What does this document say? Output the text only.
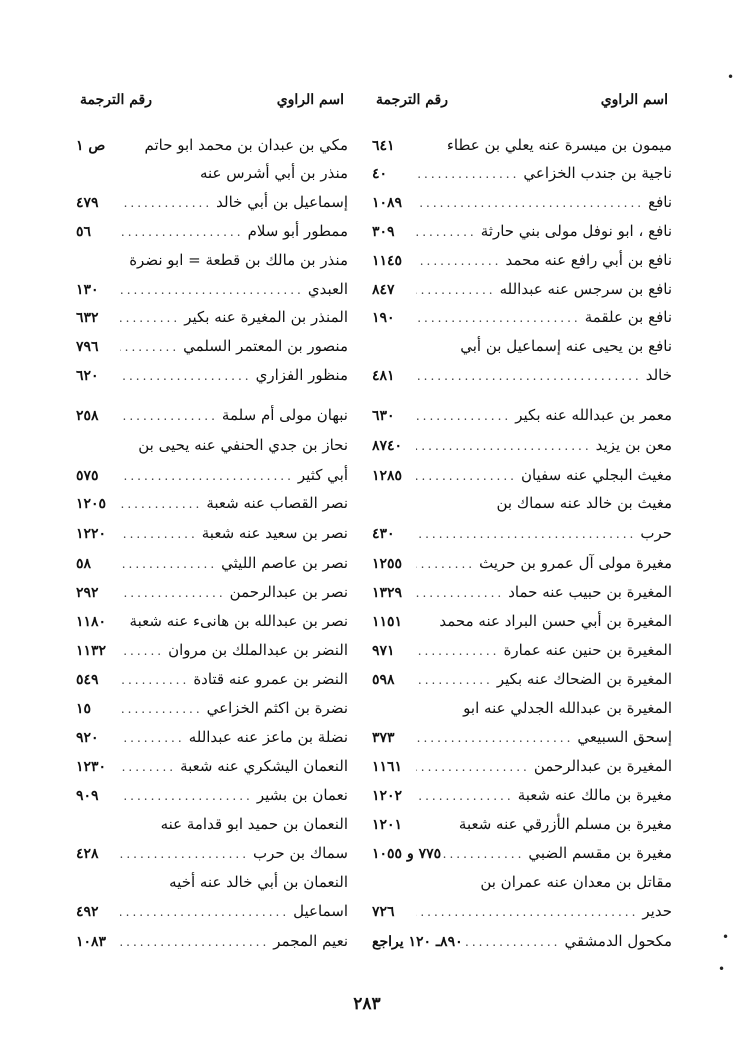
اسم الراوي
رقم الترجمة
ميمون بن ميسرة عنه يعلي بن عطاء
٦٤١
ناجية بن جندب الخزاعي
.....
٤٠
نافع
.....
١٠٨٩
نافع ، ابو نوفل مولى بني حارثة
.....
٣٠٩
نافع بن أبي رافع عنه محمد
.....
١١٤٥
نافع بن سرجس عنه عبدالله
.....
٨٤٧
نافع بن علقمة
.....
١٩٠
نافع بن يحيى عنه إسماعيل بن أبي
خالد
.....
٤٨١
معمر بن عبدالله عنه بكير
.....
٦٣٠
معن بن يزيد
.....
٨٧٤٠
مغيث البجلي عنه سفيان
.....
١٢٨٥
مغيث بن خالد عنه سماك بن
حرب
.....
٤٣٠
مغيرة مولى آل عمرو بن حريث
.....
١٢٥٥
المغيرة بن حبيب عنه حماد
.....
١٣٢٩
المغيرة بن أبي حسن البراد عنه محمد
١١٥١
المغيرة بن حنين عنه عمارة
.....
٩٧١
المغيرة بن الضحاك عنه بكير
.....
٥٩٨
المغيرة بن عبدالله الجدلي عنه ابو
إسحق السبيعي
.....
٣٧٣
المغيرة بن عبدالرحمن
.....
١١٦١
مغيرة بن مالك عنه شعبة
.....
١٢٠٢
مغيرة بن مسلم الأزرقي عنه شعبة
١٢٠١
مغيرة بن مقسم الضبي
.....
٧٧٥ و ١٠٥٥
مقاتل بن معدان عنه عمران بن
حدير
.....
٧٢٦
مكحول الدمشقي
.....
٨٩٠ـ ١٢٠ يراجع
اسم الراوي
رقم الترجمة
مكي بن عبدان بن محمد ابو حاتم
ص ١
منذر بن أبي أشرس عنه
إسماعيل بن أبي خالد
.....
٤٧٩
ممطور أبو سلام
.....
٥٦
منذر بن مالك بن قطعة = ابو نضرة
العبدي
.....
١٣٠
المنذر بن المغيرة عنه بكير
.....
٦٣٢
منصور بن المعتمر السلمي
.....
٧٩٦
منظور الفزاري
.....
٦٢٠
نبهان مولى أم سلمة
.....
٢٥٨
نحاز بن جدي الحنفي عنه يحيى بن
أبي كثير
.....
٥٧٥
نصر القصاب عنه شعبة
.....
١٢٠٥
نصر بن سعيد عنه شعبة
.....
١٢٢٠
نصر بن عاصم الليثي
.....
٥٨
نصر بن عبدالرحمن
.....
٢٩٢
نصر بن عبدالله بن هانىء عنه شعبة
١١٨٠
النضر بن عبدالملك بن مروان
.....
١١٣٢
النضر بن عمرو عنه قتادة
.....
٥٤٩
نضرة بن اكثم الخزاعي
.....
١٥
نضلة بن ماعز عنه عبدالله
.....
٩٢٠
النعمان اليشكري عنه شعبة
.....
١٢٣٠
نعمان بن بشير
.....
٩٠٩
النعمان بن حميد ابو قدامة عنه
سماك بن حرب
.....
٤٢٨
النعمان بن أبي خالد عنه أخيه
اسماعيل
.....
٤٩٢
نعيم المجمر
.....
١٠٨٣
٢٨٣
•
•
•
